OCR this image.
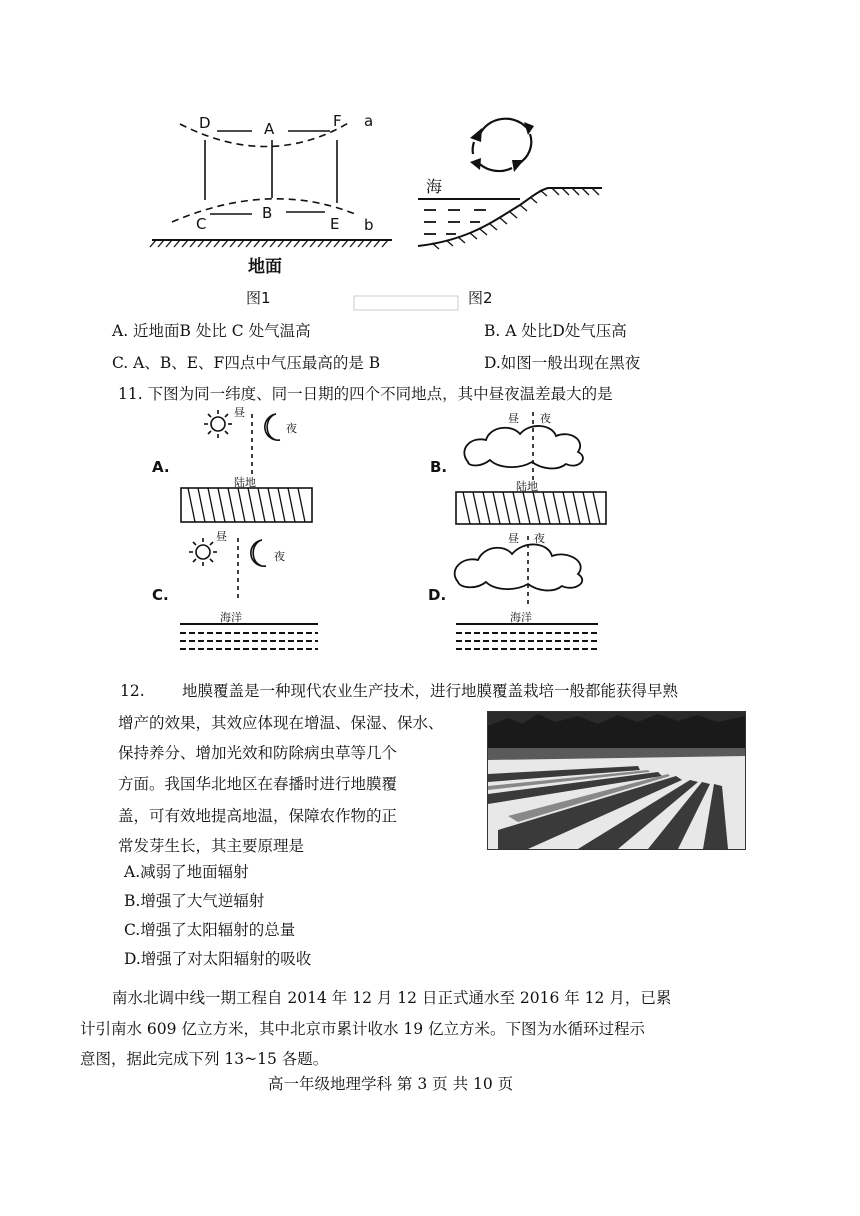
D	A	F a
C
B
E b
地面
图1
海
图2
A. 近地面B 处比 C 处气温高	B. A 处比D处气压高
C. A、B、E、F四点中气压最高的是 B	D.如图一般出现在黑夜
11. 下图为同一纬度、同一日期的四个不同地点，其中昼夜温差最大的是
A.	B.
C.	D.
昼
夜
陆地
昼 夜
陆地
昼
夜
海洋
昼 夜
海洋
12. 地膜覆盖是一种现代农业生产技术，进行地膜覆盖栽培一般都能获得早熟
增产的效果，其效应体现在增温、保湿、保水、
保持养分、增加光效和防除病虫草等几个
方面。我国华北地区在春播时进行地膜覆
盖，可有效地提高地温，保障农作物的正
常发芽生长，其主要原理是
A.减弱了地面辐射
B.增强了大气逆辐射
C.增强了太阳辐射的总量
D.增强了对太阳辐射的吸收
南水北调中线一期工程自 2014 年 12 月 12 日正式通水至 2016 年 12 月，已累
计引南水 609 亿立方米，其中北京市累计收水 19 亿立方米。下图为水循环过程示
意图，据此完成下列 13~15 各题。
高一年级地理学科 第 3 页 共 10 页
